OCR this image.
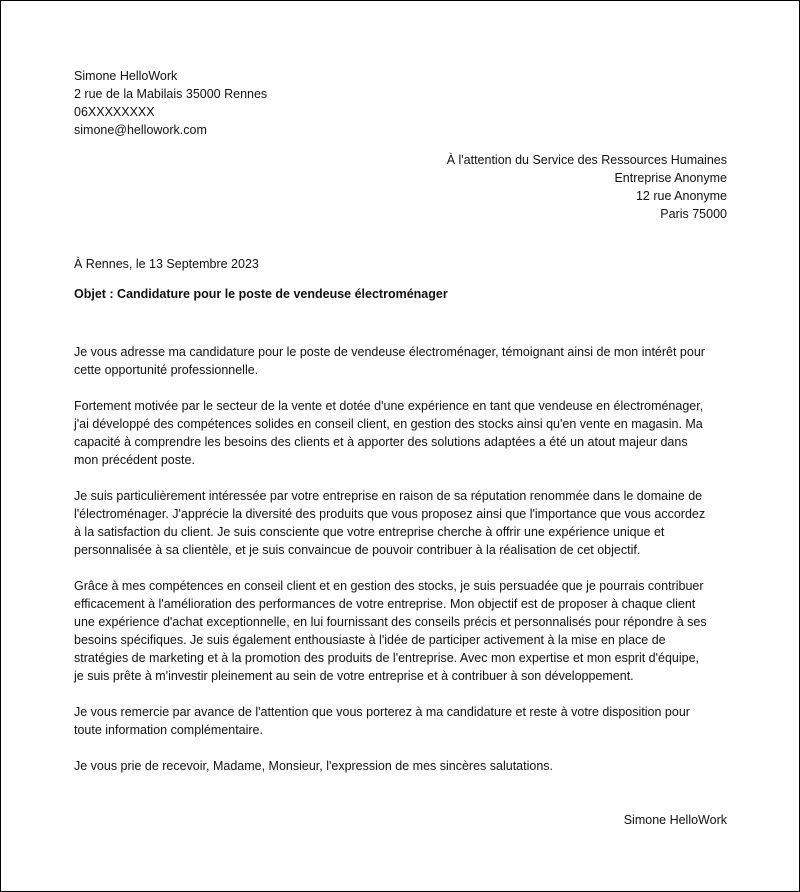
Simone HelloWork
2 rue de la Mabilais 35000 Rennes
06XXXXXXXX
simone@hellowork.com
À l'attention du Service des Ressources Humaines
Entreprise Anonyme
12 rue Anonyme
Paris 75000
À Rennes, le 13 Septembre 2023
Objet : Candidature pour le poste de vendeuse électroménager

Je vous adresse ma candidature pour le poste de vendeuse électroménager, témoignant ainsi de mon intérêt pour
cette opportunité professionnelle.

Fortement motivée par le secteur de la vente et dotée d'une expérience en tant que vendeuse en électroménager,
j'ai développé des compétences solides en conseil client, en gestion des stocks ainsi qu'en vente en magasin. Ma
capacité à comprendre les besoins des clients et à apporter des solutions adaptées a été un atout majeur dans
mon précédent poste.

Je suis particulièrement intéressée par votre entreprise en raison de sa réputation renommée dans le domaine de
l'électroménager. J'apprécie la diversité des produits que vous proposez ainsi que l'importance que vous accordez
à la satisfaction du client. Je suis consciente que votre entreprise cherche à offrir une expérience unique et
personnalisée à sa clientèle, et je suis convaincue de pouvoir contribuer à la réalisation de cet objectif.

Grâce à mes compétences en conseil client et en gestion des stocks, je suis persuadée que je pourrais contribuer
efficacement à l'amélioration des performances de votre entreprise. Mon objectif est de proposer à chaque client
une expérience d'achat exceptionnelle, en lui fournissant des conseils précis et personnalisés pour répondre à ses
besoins spécifiques. Je suis également enthousiaste à l'idée de participer activement à la mise en place de
stratégies de marketing et à la promotion des produits de l'entreprise. Avec mon expertise et mon esprit d'équipe,
je suis prête à m'investir pleinement au sein de votre entreprise et à contribuer à son développement.

Je vous remercie par avance de l'attention que vous porterez à ma candidature et reste à votre disposition pour
toute information complémentaire.

Je vous prie de recevoir, Madame, Monsieur, l'expression de mes sincères salutations.

Simone HelloWork
